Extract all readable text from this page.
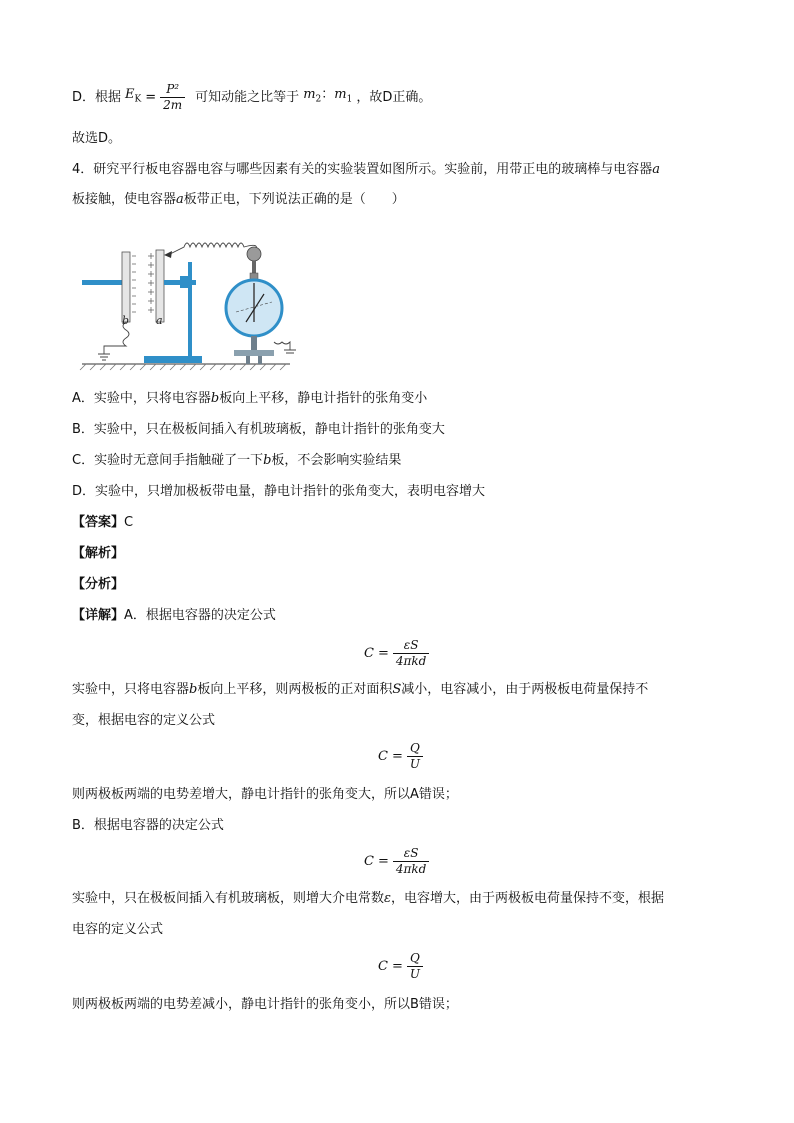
D．根据 $E_K = \frac{\text{P²}}{2m}$ 可知动能之比等于 $m_2$：$m_1$ ，故D正确。
故选D。
4．研究平行板电容器电容与哪些因素有关的实验装置如图所示。实验前，用带正电的玻璃棒与电容器a
板接触，使电容器a板带正电，下列说法正确的是（　　）
b a
A．实验中，只将电容器b板向上平移，静电计指针的张角变小
B．实验中，只在极板间插入有机玻璃板，静电计指针的张角变大
C．实验时无意间手指触碰了一下b板，不会影响实验结果
D．实验中，只增加极板带电量，静电计指针的张角变大，表明电容增大
【答案】C
【解析】
【分析】
【详解】A．根据电容器的决定公式
$C = \frac{\varepsilon S}{\text{4πkd}}$
实验中，只将电容器b板向上平移，则两极板的正对面积S减小，电容减小，由于两极板电荷量保持不
变，根据电容的定义公式
$C = \frac{Q}{U}$
则两极板两端的电势差增大，静电计指针的张角变大，所以A错误；
B．根据电容器的决定公式
$C = \frac{\varepsilon S}{\text{4πkd}}$
实验中，只在极板间插入有机玻璃板，则增大介电常数ε，电容增大，由于两极板电荷量保持不变，根据
电容的定义公式
$C = \frac{Q}{U}$
则两极板两端的电势差减小，静电计指针的张角变小，所以B错误；
